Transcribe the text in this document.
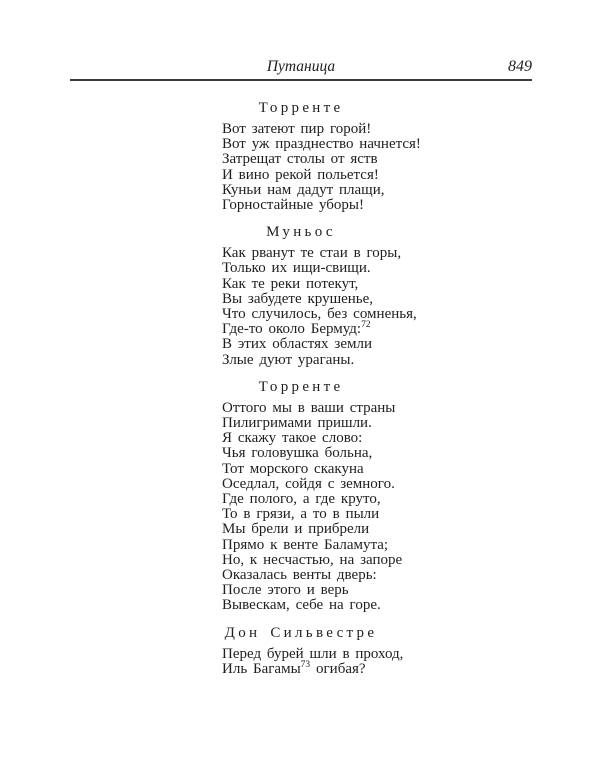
Путаница	849
Торренте
Вот затеют пир горой!
Вот уж празднество начнется!
Затрещат столы от яств
И вино рекой польется!
Куньи нам дадут плащи,
Горностайные уборы!
Муньос
Как рванут те стаи в горы,
Только их ищи-свищи.
Как те реки потекут,
Вы забудете крушенье,
Что случилось, без сомненья,
Где-то около Бермуд:$^{72}$
В этих областях земли
Злые дуют ураганы.
Торренте
Оттого мы в ваши страны
Пилигримами пришли.
Я скажу такое слово:
Чья головушка больна,
Тот морского скакуна
Оседлал, сойдя с земного.
Где полого, а где круто,
То в грязи, а то в пыли
Мы брели и прибрели
Прямо к венте Баламута;
Но, к несчастью, на запоре
Оказалась венты дверь:
После этого и верь
Вывескам, себе на горе.
Дон Сильвестре
Перед бурей шли в проход,
Иль Багамы$^{73}$ огибая?
